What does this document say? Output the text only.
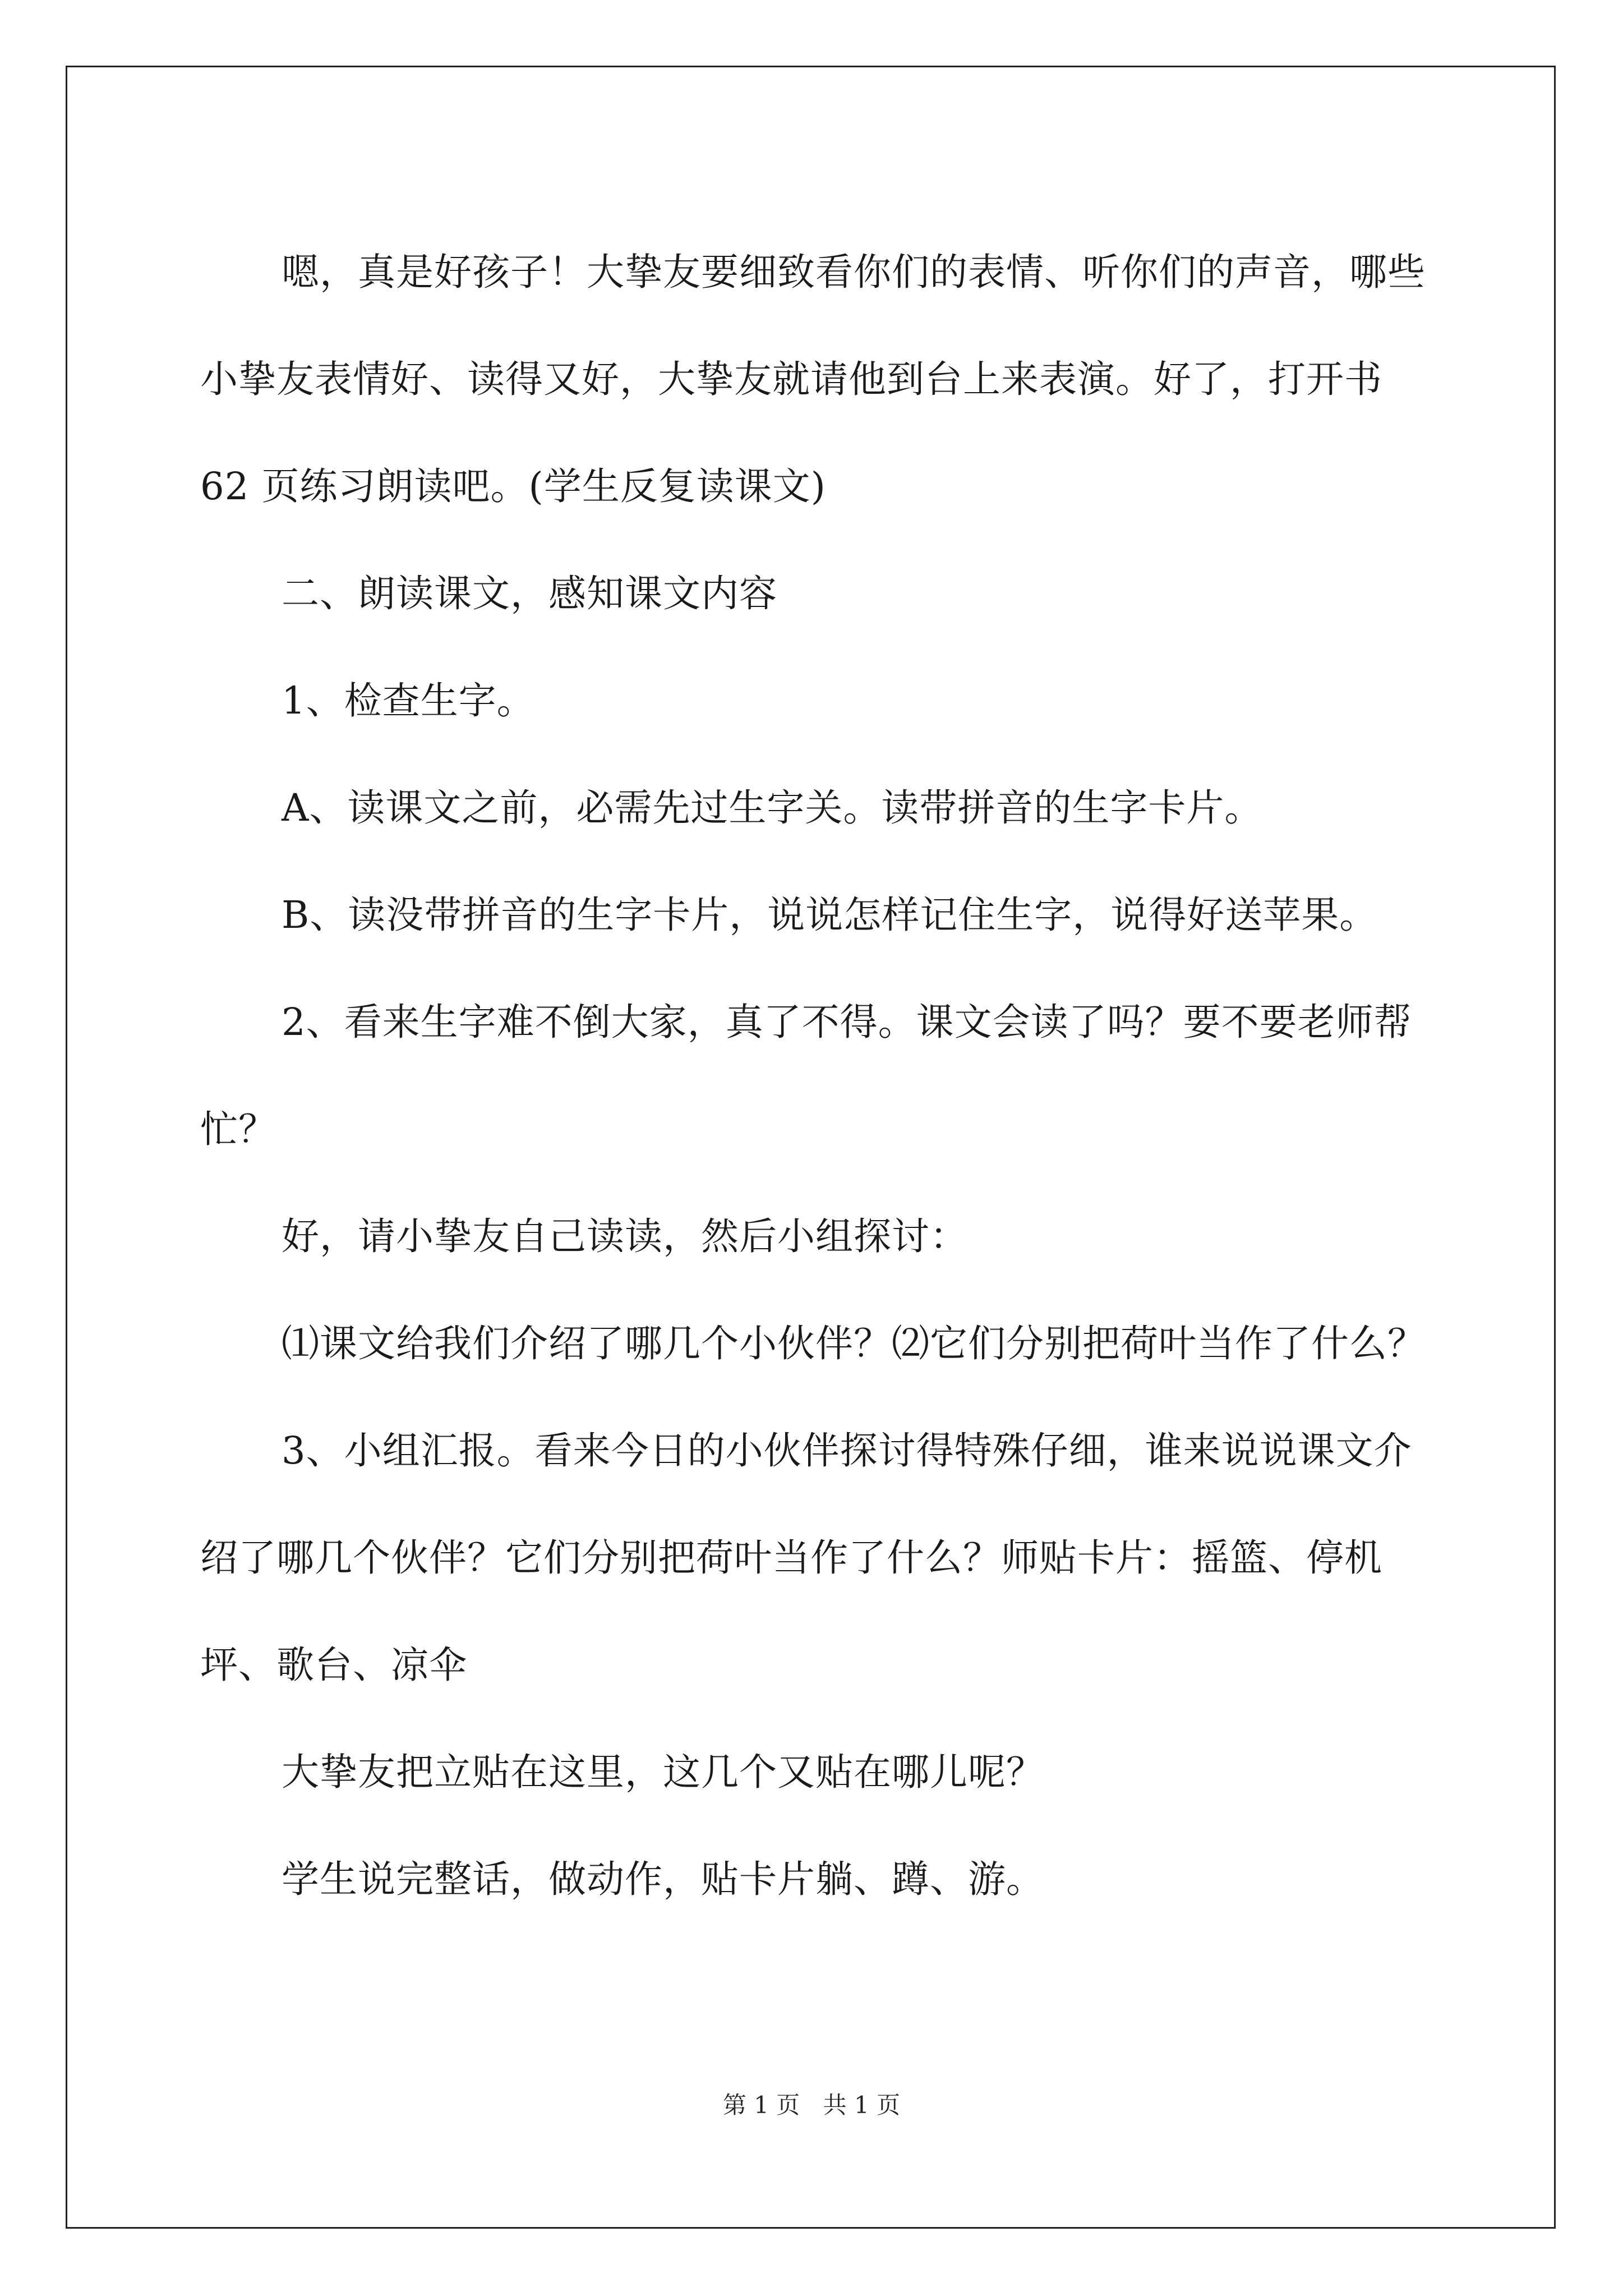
嗯，真是好孩子！大挚友要细致看你们的表情、听你们的声音，哪些小挚友表情好、读得又好，大挚友就请他到台上来表演。好了，打开书 62 页练习朗读吧。(学生反复读课文)

二、朗读课文，感知课文内容

1、检查生字。

A、读课文之前，必需先过生字关。读带拼音的生字卡片。

B、读没带拼音的生字卡片，说说怎样记住生字，说得好送苹果。

2、看来生字难不倒大家，真了不得。课文会读了吗？要不要老师帮忙？

好，请小挚友自己读读，然后小组探讨：

⑴课文给我们介绍了哪几个小伙伴？⑵它们分别把荷叶当作了什么？

3、小组汇报。看来今日的小伙伴探讨得特殊仔细，谁来说说课文介绍了哪几个伙伴？它们分别把荷叶当作了什么？师贴卡片：摇篮、停机坪、歌台、凉伞

大挚友把立贴在这里，这几个又贴在哪儿呢？

学生说完整话，做动作，贴卡片躺、蹲、游。

第 1 页 共 1 页
